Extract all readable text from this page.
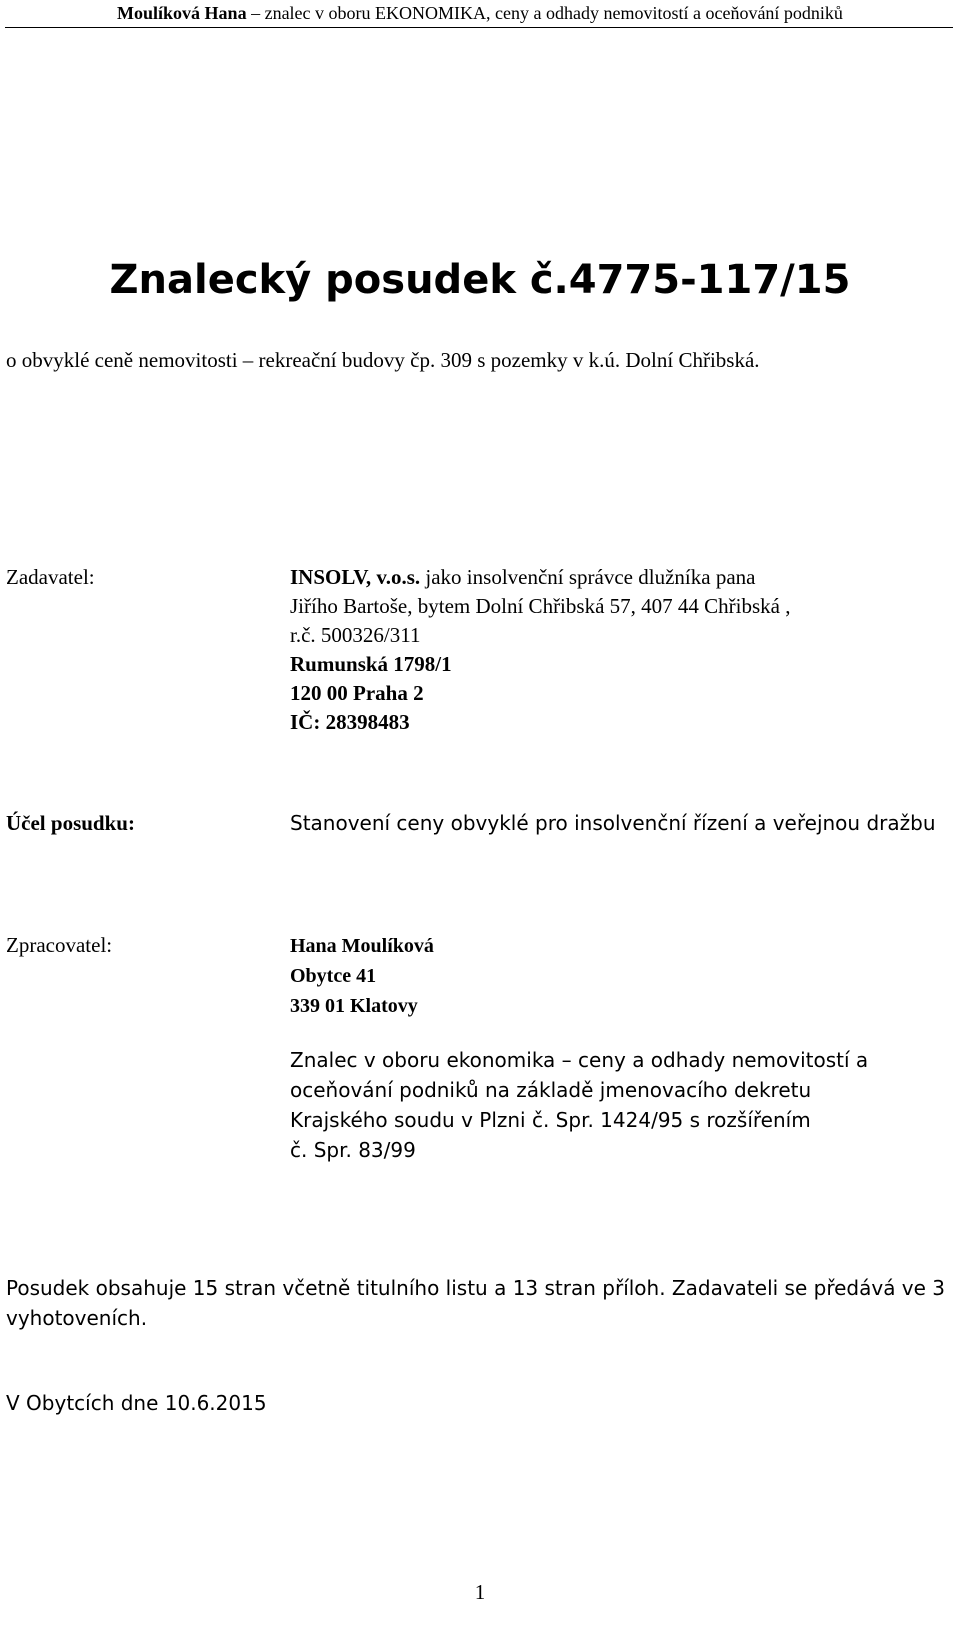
Moulíková Hana – znalec v oboru EKONOMIKA, ceny a odhady nemovitostí a oceňování podniků
Znalecký posudek č.4775-117/15
o obvyklé ceně nemovitosti – rekreační budovy čp. 309 s pozemky v k.ú. Dolní Chřibská.
Zadavatel:	INSOLV, v.o.s. jako insolvenční správce dlužníka pana
Jiřího Bartoše, bytem Dolní Chřibská 57, 407 44 Chřibská ,
r.č. 500326/311
Rumunská 1798/1
120 00 Praha 2
IČ: 28398483
Účel posudku:	Stanovení ceny obvyklé pro insolvenční řízení a veřejnou dražbu
Zpracovatel:	Hana Moulíková
Obytce 41
339 01 Klatovy
Znalec v oboru ekonomika – ceny a odhady nemovitostí a
oceňování podniků na základě jmenovacího dekretu
Krajského soudu v Plzni č. Spr. 1424/95 s rozšířením
č. Spr. 83/99
Posudek obsahuje 15 stran včetně titulního listu a 13 stran příloh. Zadavateli se předává ve 3 vyhotoveních.
V Obytcích dne 10.6.2015
1
